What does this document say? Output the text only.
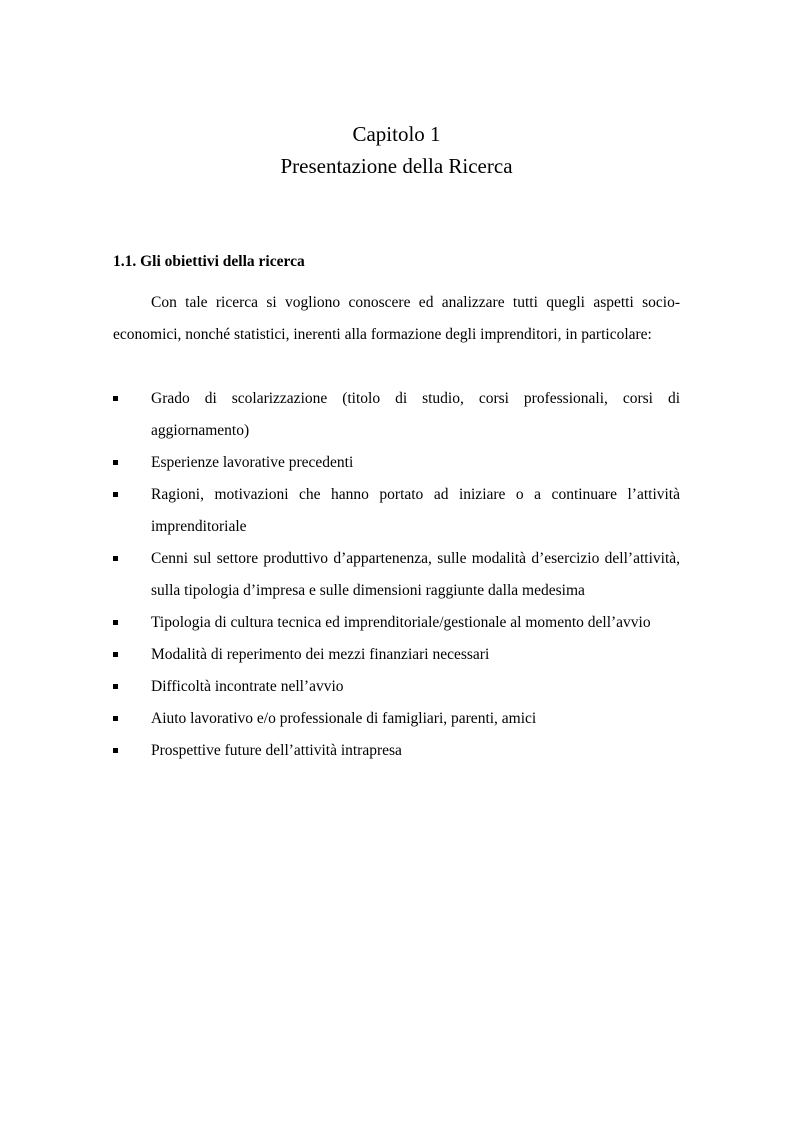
Capitolo 1
Presentazione della Ricerca
1.1. Gli obiettivi della ricerca

Con tale ricerca si vogliono conoscere ed analizzare tutti quegli aspetti socio-economici, nonché statistici, inerenti alla formazione degli imprenditori, in particolare:

Grado di scolarizzazione (titolo di studio, corsi professionali, corsi di aggiornamento)
Esperienze lavorative precedenti
Ragioni, motivazioni che hanno portato ad iniziare o a continuare l’attività imprenditoriale
Cenni sul settore produttivo d’appartenenza, sulle modalità d’esercizio dell’attività, sulla tipologia d’impresa e sulle dimensioni raggiunte dalla medesima
Tipologia di cultura tecnica ed imprenditoriale/gestionale al momento dell’avvio
Modalità di reperimento dei mezzi finanziari necessari
Difficoltà incontrate nell’avvio
Aiuto lavorativo e/o professionale di famigliari, parenti, amici
Prospettive future dell’attività intrapresa
